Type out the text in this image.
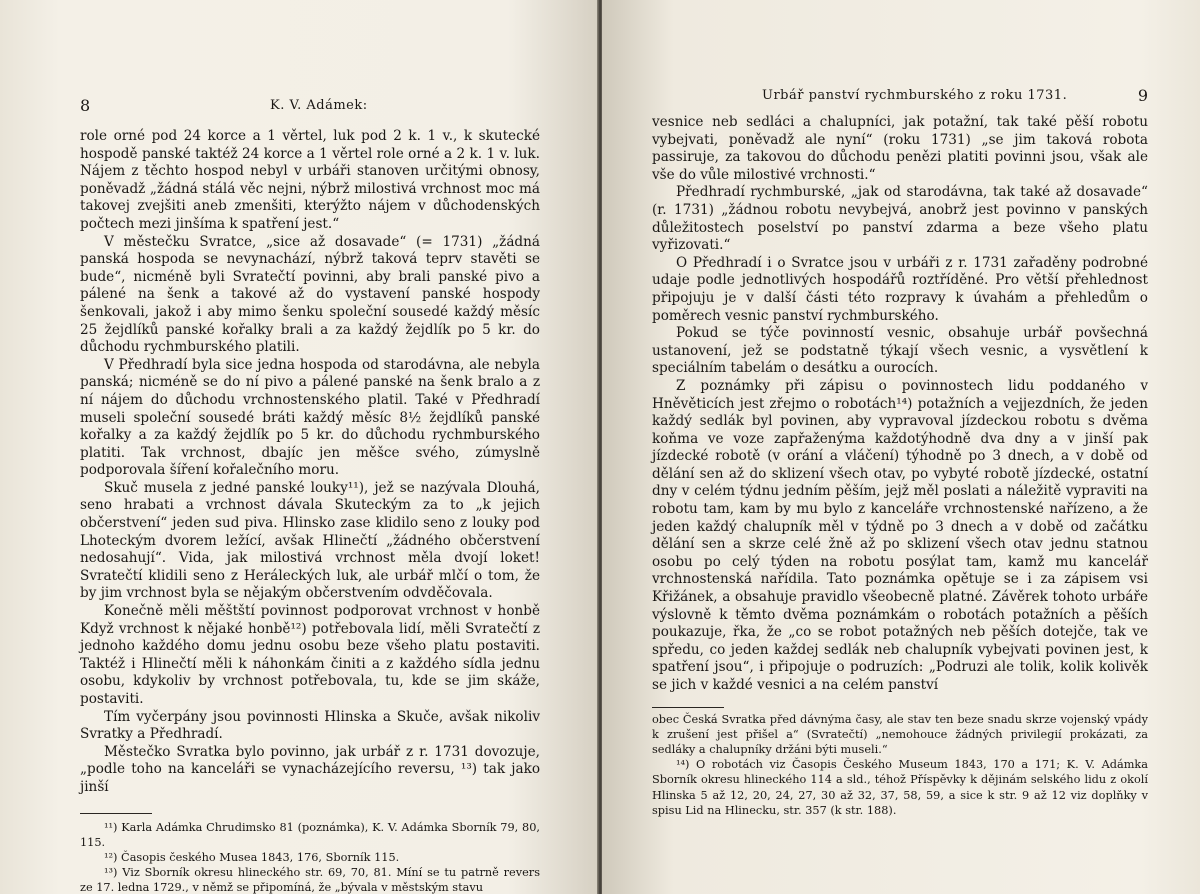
8	K. V. Adámek:

role orné pod 24 korce a 1 věrtel, luk pod 2 k. 1 v., k skutecké hospodě panské taktéž 24 korce a 1 věrtel role orné a 2 k. 1 v. luk. Nájem z těchto hospod nebyl v urbáři stanoven určitými obnosy, poněvadž „žádná stálá věc nejni, nýbrž milostivá vrchnost moc má takovej zvejšiti aneb zmenšiti, kterýžto nájem v důchodenských počtech mezi jinšíma k spatření jest.“

V městečku Svratce, „sice až dosavade“ (= 1731) „žádná panská hospoda se nevynachází, nýbrž taková teprv stavěti se bude“, nicméně byli Svratečtí povinni, aby brali panské pivo a pálené na šenk a takové až do vystavení panské hospody šenkovali, jakož i aby mimo šenku společní sousedé každý měsíc 25 žejdlíků panské kořalky brali a za každý žejdlík po 5 kr. do důchodu rychmburského platili.

V Předhradí byla sice jedna hospoda od starodávna, ale nebyla panská; nicméně se do ní pivo a pálené panské na šenk bralo a z ní nájem do důchodu vrchnostenského platil. Také v Předhradí museli společní sousedé bráti každý měsíc 8½ žejdlíků panské kořalky a za každý žejdlík po 5 kr. do důchodu rychmburského platiti. Tak vrchnost, dbajíc jen měšce svého, zúmyslně podporovala šíření kořalečního moru.

Skuč musela z jedné panské louky¹¹), jež se nazývala Dlouhá, seno hrabati a vrchnost dávala Skuteckým za to „k jejich občerstvení“ jeden sud piva. Hlinsko zase klidilo seno z louky pod Lhoteckým dvorem ležící, avšak Hlinečtí „žádného občerstvení nedosahují“. Vida, jak milostivá vrchnost měla dvojí loket! Svratečtí klidili seno z Heráleckých luk, ale urbář mlčí o tom, že by jim vrchnost byla se nějakým občerstvením odvděčovala.

Konečně měli měštští povinnost podporovat vrchnost v honbě Když vrchnost k nějaké honbě¹²) potřebovala lidí, měli Svratečtí z jednoho každého domu jednu osobu beze všeho platu postaviti. Taktéž i Hlinečtí měli k náhonkám činiti a z každého sídla jednu osobu, kdykoliv by vrchnost potřebovala, tu, kde se jim skáže, postaviti.

Tím vyčerpány jsou povinnosti Hlinska a Skuče, avšak nikoliv Svratky a Předhradí.

Městečko Svratka bylo povinno, jak urbář z r. 1731 dovozuje, „podle toho na kanceláři se vynacházejícího reversu, ¹³) tak jako jinší

¹¹) Karla Adámka Chrudimsko 81 (poznámka), K. V. Adámka Sborník 79, 80, 115.

¹²) Časopis českého Musea 1843, 176, Sborník 115.

¹³) Viz Sborník okresu hlineckého str. 69, 70, 81. Míní se tu patrně revers ze 17. ledna 1729., v němž se připomíná, že „bývala v městským stavu

Urbář panství rychmburského z roku 1731.	9

vesnice neb sedláci a chalupníci, jak potažní, tak také pěší robotu vybejvati, poněvadž ale nyní“ (roku 1731) „se jim taková robota passiruje, za takovou do důchodu penězi platiti povinni jsou, však ale vše do vůle milostivé vrchnosti.“

Předhradí rychmburské, „jak od starodávna, tak také až dosavade“ (r. 1731) „žádnou robotu nevybejvá, anobrž jest povinno v panských důležitostech poselství po panství zdarma a beze všeho platu vyřizovati.“

O Předhradí i o Svratce jsou v urbáři z r. 1731 zařaděny podrobné udaje podle jednotlivých hospodářů roztříděné. Pro větší přehlednost připojuju je v další části této rozpravy k úvahám a přehledům o poměrech vesnic panství rychmburského.

Pokud se týče povinností vesnic, obsahuje urbář povšechná ustanovení, jež se podstatně týkají všech vesnic, a vysvětlení k speciálním tabelám o desátku a ourocích.

Z poznámky při zápisu o povinnostech lidu poddaného v Hněvěticích jest zřejmo o robotách¹⁴) potažních a vejjezdních, že jeden každý sedlák byl povinen, aby vypravoval jízdeckou robotu s dvěma koňma ve voze zapřaženýma každotýhodně dva dny a v jinší pak jízdecké robotě (v orání a vláčení) týhodně po 3 dnech, a v době od dělání sen až do sklizení všech otav, po vybyté robotě jízdecké, ostatní dny v celém týdnu jedním pěším, jejž měl poslati a náležitě vypraviti na robotu tam, kam by mu bylo z kanceláře vrchnostenské nařízeno, a že jeden každý chalupník měl v týdně po 3 dnech a v době od začátku dělání sen a skrze celé žně až po sklizení všech otav jednu statnou osobu po celý týden na robotu posýlat tam, kamž mu kancelář vrchnostenská nařídila. Tato poznámka opětuje se i za zápisem vsi Křižánek, a obsahuje pravidlo všeobecně platné. Závěrek tohoto urbáře výslovně k těmto dvěma poznámkám o robotách potažních a pěších poukazuje, řka, že „co se robot potažných neb pěších dotejče, tak ve spředu, co jeden každej sedlák neb chalupník vybejvati povinen jest, k spatření jsou“, i připojuje o podruzích: „Podruzi ale tolik, kolik kolivěk se jich v každé vesnici a na celém panství

obec Česká Svratka před dávnýma časy, ale stav ten beze snadu skrze vojenský vpády k zrušení jest přišel a“ (Svratečtí) „nemohouce žádných privilegií prokázati, za sedláky a chalupníky držáni býti museli.“

¹⁴) O robotách viz Časopis Českého Museum 1843, 170 a 171; K. V. Adámka Sborník okresu hlineckého 114 a sld., téhož Příspěvky k dějinám selského lidu z okolí Hlinska 5 až 12, 20, 24, 27, 30 až 32, 37, 58, 59, a sice k str. 9 až 12 viz doplňky v spisu Lid na Hlinecku, str. 357 (k str. 188).
